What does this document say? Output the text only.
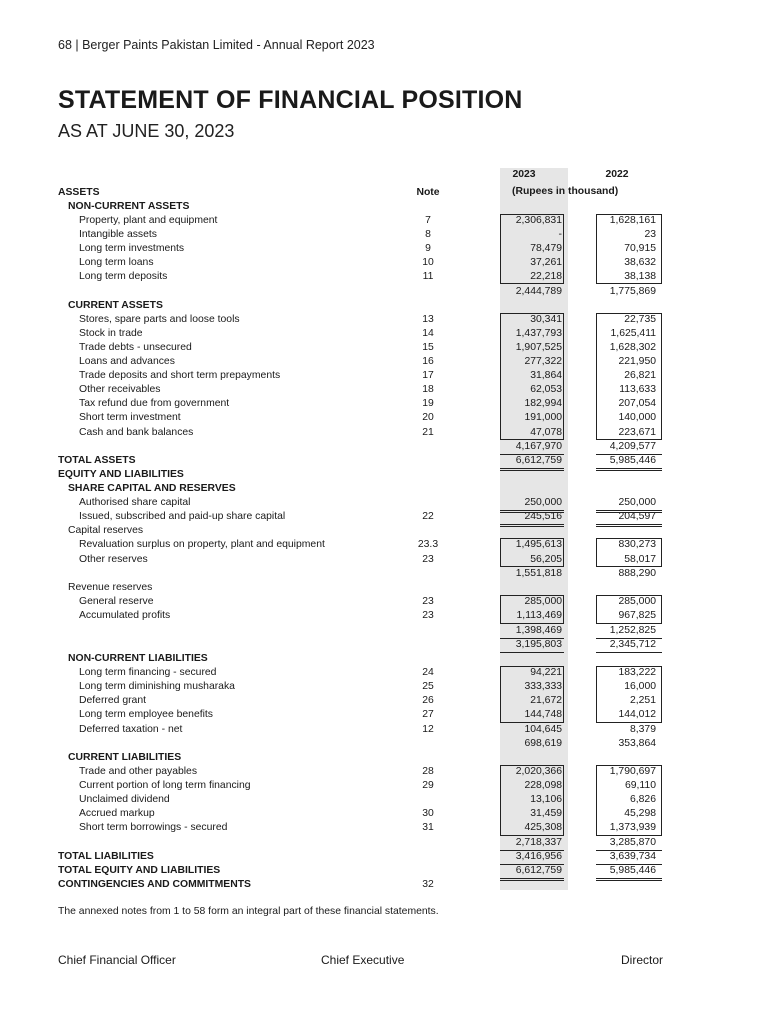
68 | Berger Paints Pakistan Limited - Annual Report 2023
STATEMENT OF FINANCIAL POSITION
AS AT JUNE 30, 2023
2023	2022
(Rupees in thousand)
Note
ASSETS
NON-CURRENT ASSETS
Property, plant and equipment	7	2,306,831	1,628,161
Intangible assets	8	-	23
Long term investments	9	78,479	70,915
Long term loans	10	37,261	38,632
Long term deposits	11	22,218	38,138
2,444,789	1,775,869
CURRENT ASSETS
Stores, spare parts and loose tools	13	30,341	22,735
Stock in trade	14	1,437,793	1,625,411
Trade debts - unsecured	15	1,907,525	1,628,302
Loans and advances	16	277,322	221,950
Trade deposits and short term prepayments	17	31,864	26,821
Other receivables	18	62,053	113,633
Tax refund due from government	19	182,994	207,054
Short term investment	20	191,000	140,000
Cash and bank balances	21	47,078	223,671
4,167,970	4,209,577
TOTAL ASSETS	6,612,759	5,985,446
EQUITY AND LIABILITIES
SHARE CAPITAL AND RESERVES
Authorised share capital	250,000	250,000
Issued, subscribed and paid-up share capital	22	245,516	204,597
Capital reserves
Revaluation surplus on property, plant and equipment	23.3	1,495,613	830,273
Other reserves	23	56,205	58,017
1,551,818	888,290
Revenue reserves
General reserve	23	285,000	285,000
Accumulated profits	23	1,113,469	967,825
1,398,469	1,252,825
3,195,803	2,345,712
NON-CURRENT LIABILITIES
Long term financing - secured	24	94,221	183,222
Long term diminishing musharaka	25	333,333	16,000
Deferred grant	26	21,672	2,251
Long term employee benefits	27	144,748	144,012
Deferred taxation - net	12	104,645	8,379
698,619	353,864
CURRENT LIABILITIES
Trade and other payables	28	2,020,366	1,790,697
Current portion of long term financing	29	228,098	69,110
Unclaimed dividend	13,106	6,826
Accrued markup	30	31,459	45,298
Short term borrowings - secured	31	425,308	1,373,939
2,718,337	3,285,870
TOTAL LIABILITIES	3,416,956	3,639,734
TOTAL EQUITY AND LIABILITIES	6,612,759	5,985,446
CONTINGENCIES AND COMMITMENTS	32
The annexed notes from 1 to 58 form an integral part of these financial statements.
Chief Financial Officer	Chief Executive	Director
